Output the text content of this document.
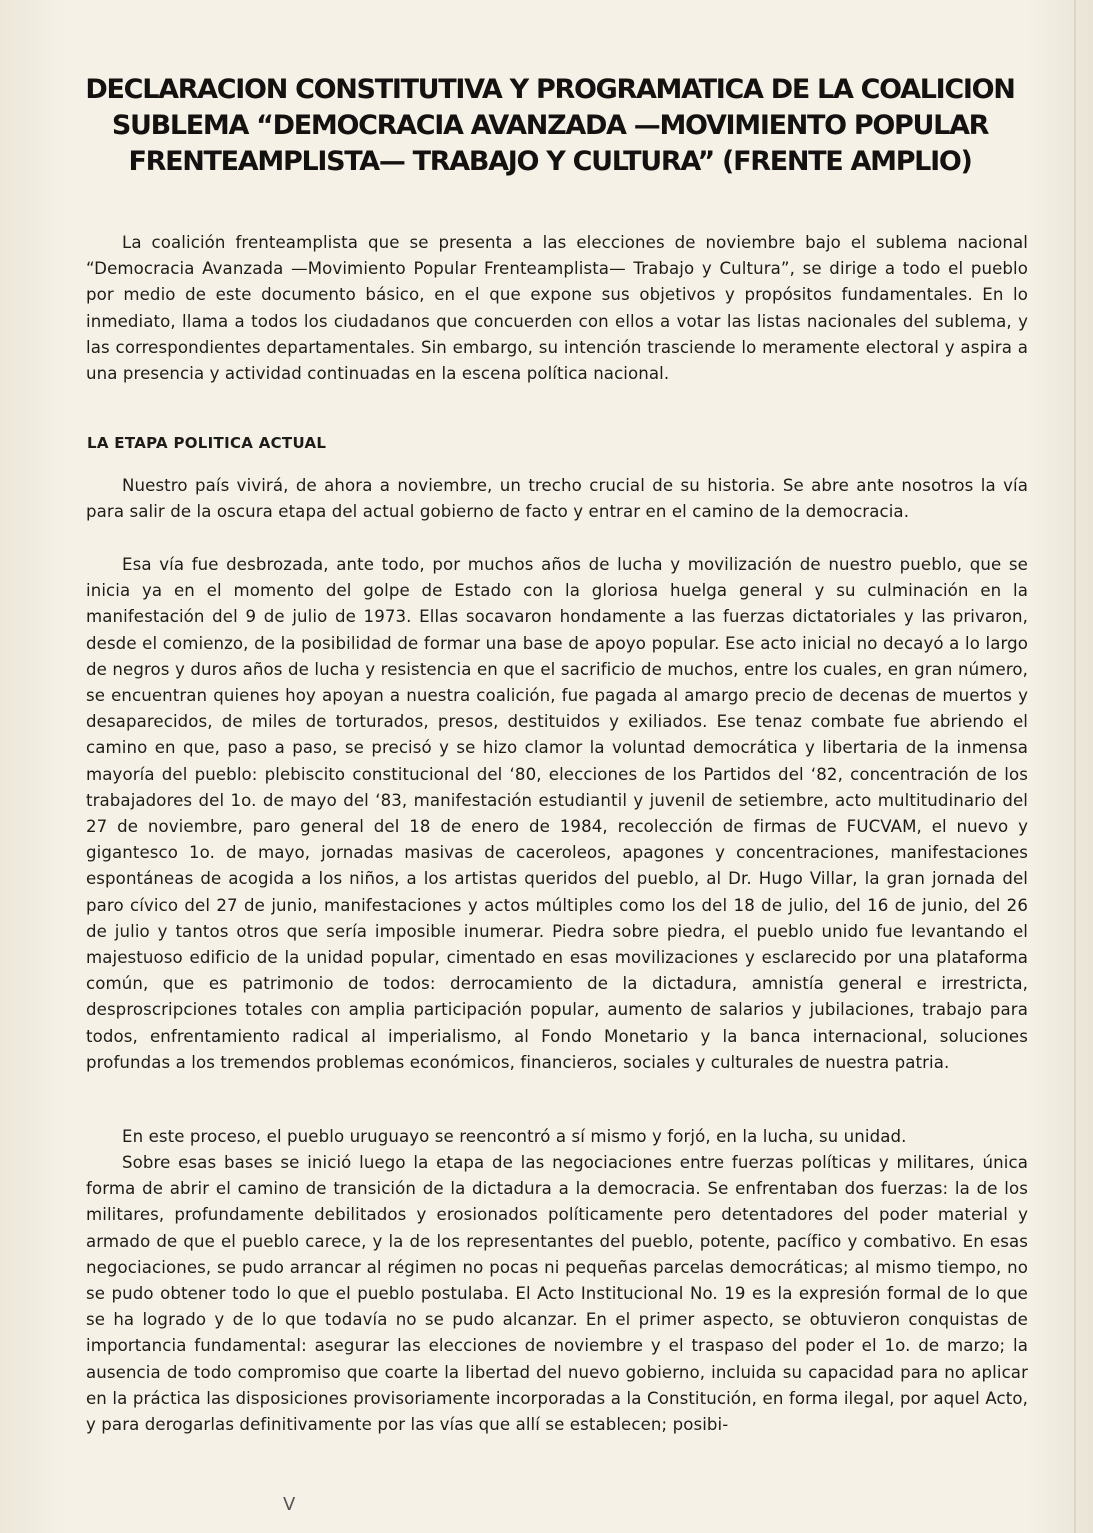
DECLARACION CONSTITUTIVA Y PROGRAMATICA DE LA COALICION
SUBLEMA “DEMOCRACIA AVANZADA —MOVIMIENTO POPULAR
FRENTEAMPLISTA— TRABAJO Y CULTURA” (FRENTE AMPLIO)

La coalición frenteamplista que se presenta a las elecciones de noviembre bajo el sublema nacional “Democracia Avanzada —Movimiento Popular Frenteamplista— Trabajo y Cultura”, se dirige a todo el pueblo por medio de este documento básico, en el que expone sus objetivos y propósitos fundamentales. En lo inmediato, llama a todos los ciudadanos que concuerden con ellos a votar las listas nacionales del sublema, y las correspondientes departamentales. Sin embargo, su intención trasciende lo meramente electoral y aspira a una presencia y actividad continuadas en la escena política nacional.

LA ETAPA POLITICA ACTUAL

Nuestro país vivirá, de ahora a noviembre, un trecho crucial de su historia. Se abre ante nosotros la vía para salir de la oscura etapa del actual gobierno de facto y entrar en el camino de la democracia.

Esa vía fue desbrozada, ante todo, por muchos años de lucha y movilización de nuestro pueblo, que se inicia ya en el momento del golpe de Estado con la gloriosa huelga general y su culminación en la manifestación del 9 de julio de 1973. Ellas socavaron hondamente a las fuerzas dictatoriales y las privaron, desde el comienzo, de la posibilidad de formar una base de apoyo popular. Ese acto inicial no decayó a lo largo de negros y duros años de lucha y resistencia en que el sacrificio de muchos, entre los cuales, en gran número, se encuentran quienes hoy apoyan a nuestra coalición, fue pagada al amargo precio de decenas de muertos y desaparecidos, de miles de torturados, presos, destituidos y exiliados. Ese tenaz combate fue abriendo el camino en que, paso a paso, se precisó y se hizo clamor la voluntad democrática y libertaria de la inmensa mayoría del pueblo: plebiscito constitucional del ‘80, elecciones de los Partidos del ‘82, concentración de los trabajadores del 1o. de mayo del ‘83, manifestación estudiantil y juvenil de setiembre, acto multitudinario del 27 de noviembre, paro general del 18 de enero de 1984, recolección de firmas de FUCVAM, el nuevo y gigantesco 1o. de mayo, jornadas masivas de caceroleos, apagones y concentraciones, manifestaciones espontáneas de acogida a los niños, a los artistas queridos del pueblo, al Dr. Hugo Villar, la gran jornada del paro cívico del 27 de junio, manifestaciones y actos múltiples como los del 18 de julio, del 16 de junio, del 26 de julio y tantos otros que sería imposible inumerar. Piedra sobre piedra, el pueblo unido fue levantando el majestuoso edificio de la unidad popular, cimentado en esas movilizaciones y esclarecido por una plataforma común, que es patrimonio de todos: derrocamiento de la dictadura, amnistía general e irrestricta, desproscripciones totales con amplia participación popular, aumento de salarios y jubilaciones, trabajo para todos, enfrentamiento radical al imperialismo, al Fondo Monetario y la banca internacional, soluciones profundas a los tremendos problemas económicos, financieros, sociales y culturales de nuestra patria.

En este proceso, el pueblo uruguayo se reencontró a sí mismo y forjó, en la lucha, su unidad.

Sobre esas bases se inició luego la etapa de las negociaciones entre fuerzas políticas y militares, única forma de abrir el camino de transición de la dictadura a la democracia. Se enfrentaban dos fuerzas: la de los militares, profundamente debilitados y erosionados políticamente pero detentadores del poder material y armado de que el pueblo carece, y la de los representantes del pueblo, potente, pacífico y combativo. En esas negociaciones, se pudo arrancar al régimen no pocas ni pequeñas parcelas democráticas; al mismo tiempo, no se pudo obtener todo lo que el pueblo postulaba. El Acto Institucional No. 19 es la expresión formal de lo que se ha logrado y de lo que todavía no se pudo alcanzar. En el primer aspecto, se obtuvieron conquistas de importancia fundamental: asegurar las elecciones de noviembre y el traspaso del poder el 1o. de marzo; la ausencia de todo compromiso que coarte la libertad del nuevo gobierno, incluida su capacidad para no aplicar en la práctica las disposiciones provisoriamente incorporadas a la Constitución, en forma ilegal, por aquel Acto, y para derogarlas definitivamente por las vías que allí se establecen; posibi-

V
